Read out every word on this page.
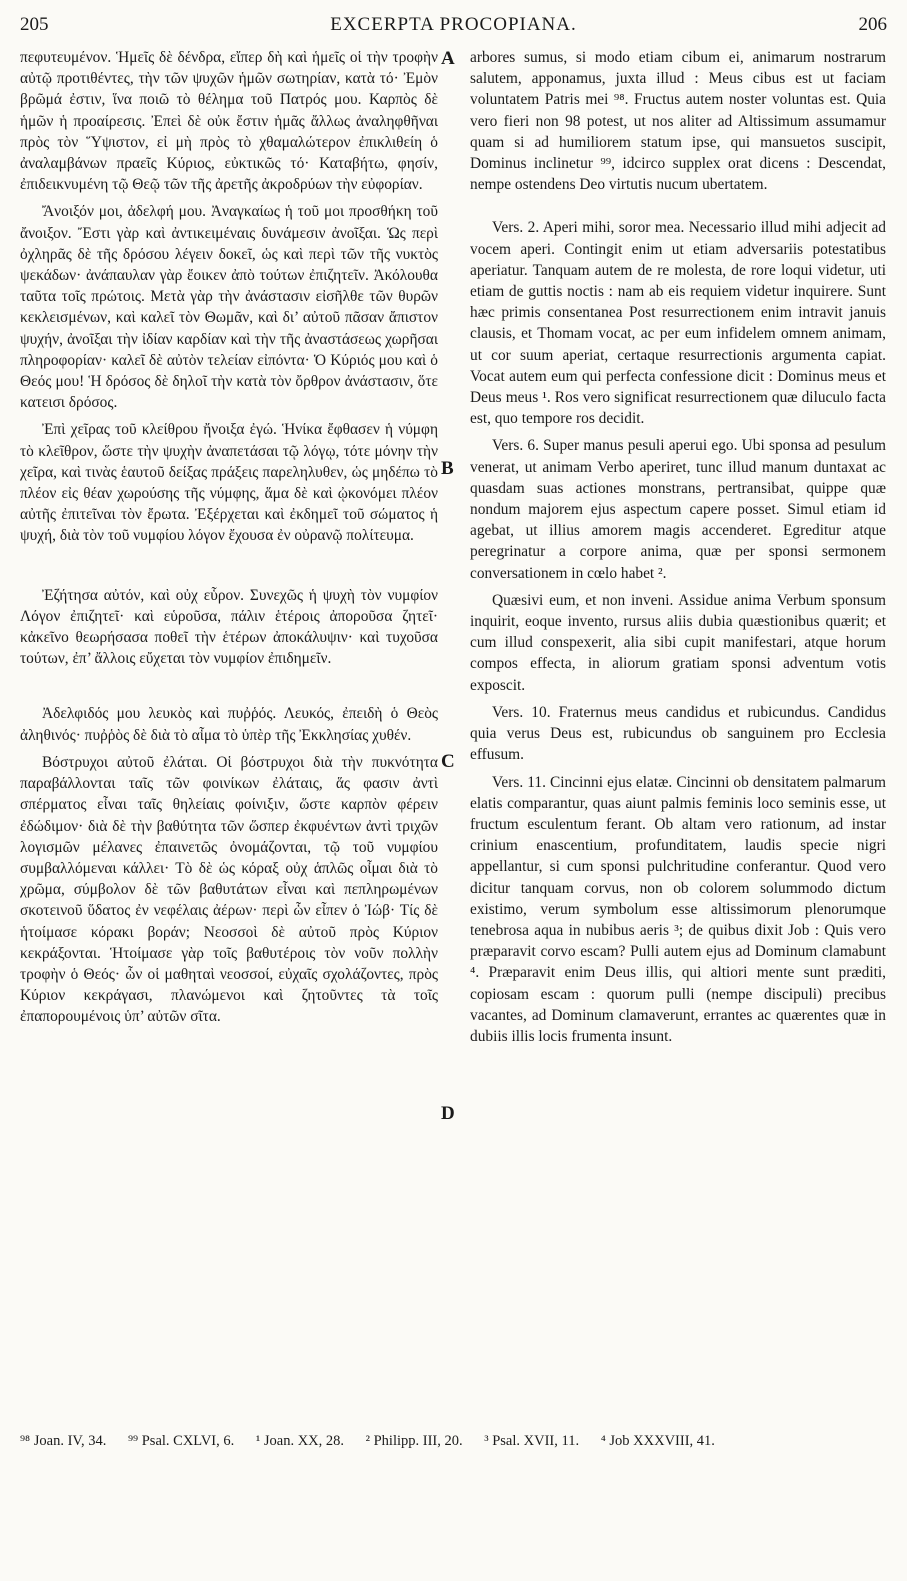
205	EXCERPTA PROCOPIANA.	206

πεφυτευμένον. Ἡμεῖς δὲ δένδρα, εἴπερ δὴ καὶ ἡμεῖς οἱ τὴν τροφὴν αὐτῷ προτιθέντες, τὴν τῶν ψυχῶν ἡμῶν σωτηρίαν, κατὰ τό· Ἐμὸν βρῶμά ἐστιν, ἵνα ποιῶ τὸ θέλημα τοῦ Πατρός μου. Καρπὸς δὲ ἡμῶν ἡ προαίρεσις. Ἐπεὶ δὲ οὐκ ἔστιν ἡμᾶς ἄλλως ἀναληφθῆναι πρὸς τὸν Ὕψιστον, εἰ μὴ πρὸς τὸ χθαμαλώτερον ἐπικλιθείη ὁ ἀναλαμβάνων πραεῖς Κύριος, εὐκτικῶς τό· Καταβήτω, φησίν, ἐπιδεικνυμένη τῷ Θεῷ τῶν τῆς ἀρετῆς ἀκροδρύων τὴν εὐφορίαν.

Ἄνοιξόν μοι, ἀδελφή μου. Ἀναγκαίως ἡ τοῦ μοι προσθήκη τοῦ ἄνοιξον. Ἔστι γὰρ καὶ ἀντικειμέναις δυνάμεσιν ἀνοῖξαι. Ὡς περὶ ὀχληρᾶς δὲ τῆς δρόσου λέγειν δοκεῖ, ὡς καὶ περὶ τῶν τῆς νυκτὸς ψεκάδων· ἀνάπαυλαν γὰρ ἔοικεν ἀπὸ τούτων ἐπιζητεῖν. Ἀκόλουθα ταῦτα τοῖς πρώτοις. Μετὰ γὰρ τὴν ἀνάστασιν εἰσῆλθε τῶν θυρῶν κεκλεισμένων, καὶ καλεῖ τὸν Θωμᾶν, καὶ δι’ αὐτοῦ πᾶσαν ἄπιστον ψυχήν, ἀνοῖξαι τὴν ἰδίαν καρδίαν καὶ τὴν τῆς ἀναστάσεως χωρῆσαι πληροφορίαν· καλεῖ δὲ αὐτὸν τελείαν εἰπόντα· Ὁ Κύριός μου καὶ ὁ Θεός μου! Ἡ δρόσος δὲ δηλοῖ τὴν κατὰ τὸν ὄρθρον ἀνάστασιν, ὅτε κατεισι δρόσος.

Ἐπὶ χεῖρας τοῦ κλείθρου ἤνοιξα ἐγώ. Ἡνίκα ἔφθασεν ἡ νύμφη τὸ κλεῖθρον, ὥστε τὴν ψυχὴν ἀναπετάσαι τῷ λόγῳ, τότε μόνην τὴν χεῖρα, καὶ τινὰς ἑαυτοῦ δείξας πράξεις παρεληλυθεν, ὡς μηδέπω τὸ πλέον εἰς θέαν χωρούσης τῆς νύμφης, ἅμα δὲ καὶ ᾠκονόμει πλέον αὐτῆς ἐπιτεῖναι τὸν ἔρωτα. Ἐξέρχεται καὶ ἐκδημεῖ τοῦ σώματος ἡ ψυχή, διὰ τὸν τοῦ νυμφίου λόγον ἔχουσα ἐν οὐρανῷ πολίτευμα.

Ἐζήτησα αὐτόν, καὶ οὐχ εὗρον. Συνεχῶς ἡ ψυχὴ τὸν νυμφίον Λόγον ἐπιζητεῖ· καὶ εὑροῦσα, πάλιν ἑτέροις ἀποροῦσα ζητεῖ· κἀκεῖνο θεωρήσασα ποθεῖ τὴν ἑτέρων ἀποκάλυψιν· καὶ τυχοῦσα τούτων, ἐπ’ ἄλλοις εὔχεται τὸν νυμφίον ἐπιδημεῖν.

Ἀδελφιδός μου λευκὸς καὶ πυῤῥός. Λευκός, ἐπειδὴ ὁ Θεὸς ἀληθινός· πυῤῥὸς δὲ διὰ τὸ αἷμα τὸ ὑπὲρ τῆς Ἐκκλησίας χυθέν.

Βόστρυχοι αὐτοῦ ἐλάται. Οἱ βόστρυχοι διὰ τὴν πυκνότητα παραβάλλονται ταῖς τῶν φοινίκων ἐλάταις, ἅς φασιν ἀντὶ σπέρματος εἶναι ταῖς θηλείαις φοίνιξιν, ὥστε καρπὸν φέρειν ἐδώδιμον· διὰ δὲ τὴν βαθύτητα τῶν ὥσπερ ἐκφυέντων ἀντὶ τριχῶν λογισμῶν μέλανες ἐπαινετῶς ὀνομάζονται, τῷ τοῦ νυμφίου συμβαλλόμεναι κάλλει· Τὸ δὲ ὡς κόραξ οὐχ ἁπλῶς οἶμαι διὰ τὸ χρῶμα, σύμβολον δὲ τῶν βαθυτάτων εἶναι καὶ πεπληρωμένων σκοτεινοῦ ὕδατος ἐν νεφέλαις ἀέρων· περὶ ὧν εἶπεν ὁ Ἰώβ· Τίς δὲ ἡτοίμασε κόρακι βοράν; Νεοσσοὶ δὲ αὐτοῦ πρὸς Κύριον κεκράξονται. Ἡτοίμασε γὰρ τοῖς βαθυτέροις τὸν νοῦν πολλὴν τροφὴν ὁ Θεός· ὧν οἱ μαθηταὶ νεοσσοί, εὐχαῖς σχολάζοντες, πρὸς Κύριον κεκράγασι, πλανώμενοι καὶ ζητοῦντες τὰ τοῖς ἐπαπορουμένοις ὑπ’ αὐτῶν σῖτα.

arbores sumus, si modo etiam cibum ei, animarum nostrarum salutem, apponamus, juxta illud : Meus cibus est ut faciam voluntatem Patris mei ⁹⁸. Fructus autem noster voluntas est. Quia vero fieri non 98 potest, ut nos aliter ad Altissimum assumamur quam si ad humiliorem statum ipse, qui mansuetos suscipit, Dominus inclinetur ⁹⁹, idcirco supplex orat dicens : Descendat, nempe ostendens Deo virtutis nucum ubertatem.

Vers. 2. Aperi mihi, soror mea. Necessario illud mihi adjecit ad vocem aperi. Contingit enim ut etiam adversariis potestatibus aperiatur. Tanquam autem de re molesta, de rore loqui videtur, uti etiam de guttis noctis : nam ab eis requiem videtur inquirere. Sunt hæc primis consentanea Post resurrectionem enim intravit januis clausis, et Thomam vocat, ac per eum infidelem omnem animam, ut cor suum aperiat, certaque resurrectionis argumenta capiat. Vocat autem eum qui perfecta confessione dicit : Dominus meus et Deus meus ¹. Ros vero significat resurrectionem quæ diluculo facta est, quo tempore ros decidit.

Vers. 6. Super manus pesuli aperui ego. Ubi sponsa ad pesulum venerat, ut animam Verbo aperiret, tunc illud manum duntaxat ac quasdam suas actiones monstrans, pertransibat, quippe quæ nondum majorem ejus aspectum capere posset. Simul etiam id agebat, ut illius amorem magis accenderet. Egreditur atque peregrinatur a corpore anima, quæ per sponsi sermonem conversationem in cœlo habet ².

Quæsivi eum, et non inveni. Assidue anima Verbum sponsum inquirit, eoque invento, rursus aliis dubia quæstionibus quærit; et cum illud conspexerit, alia sibi cupit manifestari, atque horum compos effecta, in aliorum gratiam sponsi adventum votis exposcit.

Vers. 10. Fraternus meus candidus et rubicundus. Candidus quia verus Deus est, rubicundus ob sanguinem pro Ecclesia effusum.

Vers. 11. Cincinni ejus elatæ. Cincinni ob densitatem palmarum elatis comparantur, quas aiunt palmis feminis loco seminis esse, ut fructum esculentum ferant. Ob altam vero rationum, ad instar crinium enascentium, profunditatem, laudis specie nigri appellantur, si cum sponsi pulchritudine conferantur. Quod vero dicitur tanquam corvus, non ob colorem solummodo dictum existimo, verum symbolum esse altissimorum plenorumque tenebrosa aqua in nubibus aeris ³; de quibus dixit Job : Quis vero præparavit corvo escam? Pulli autem ejus ad Dominum clamabunt ⁴. Præparavit enim Deus illis, qui altiori mente sunt præditi, copiosam escam : quorum pulli (nempe discipuli) precibus vacantes, ad Dominum clamaverunt, errantes ac quærentes quæ in dubiis illis locis frumenta insunt.

A
B
C
D
⁹⁸ Joan. IV, 34. ⁹⁹ Psal. CXLVI, 6. ¹ Joan. XX, 28. ² Philipp. III, 20. ³ Psal. XVII, 11. ⁴ Job XXXVIII, 41.
